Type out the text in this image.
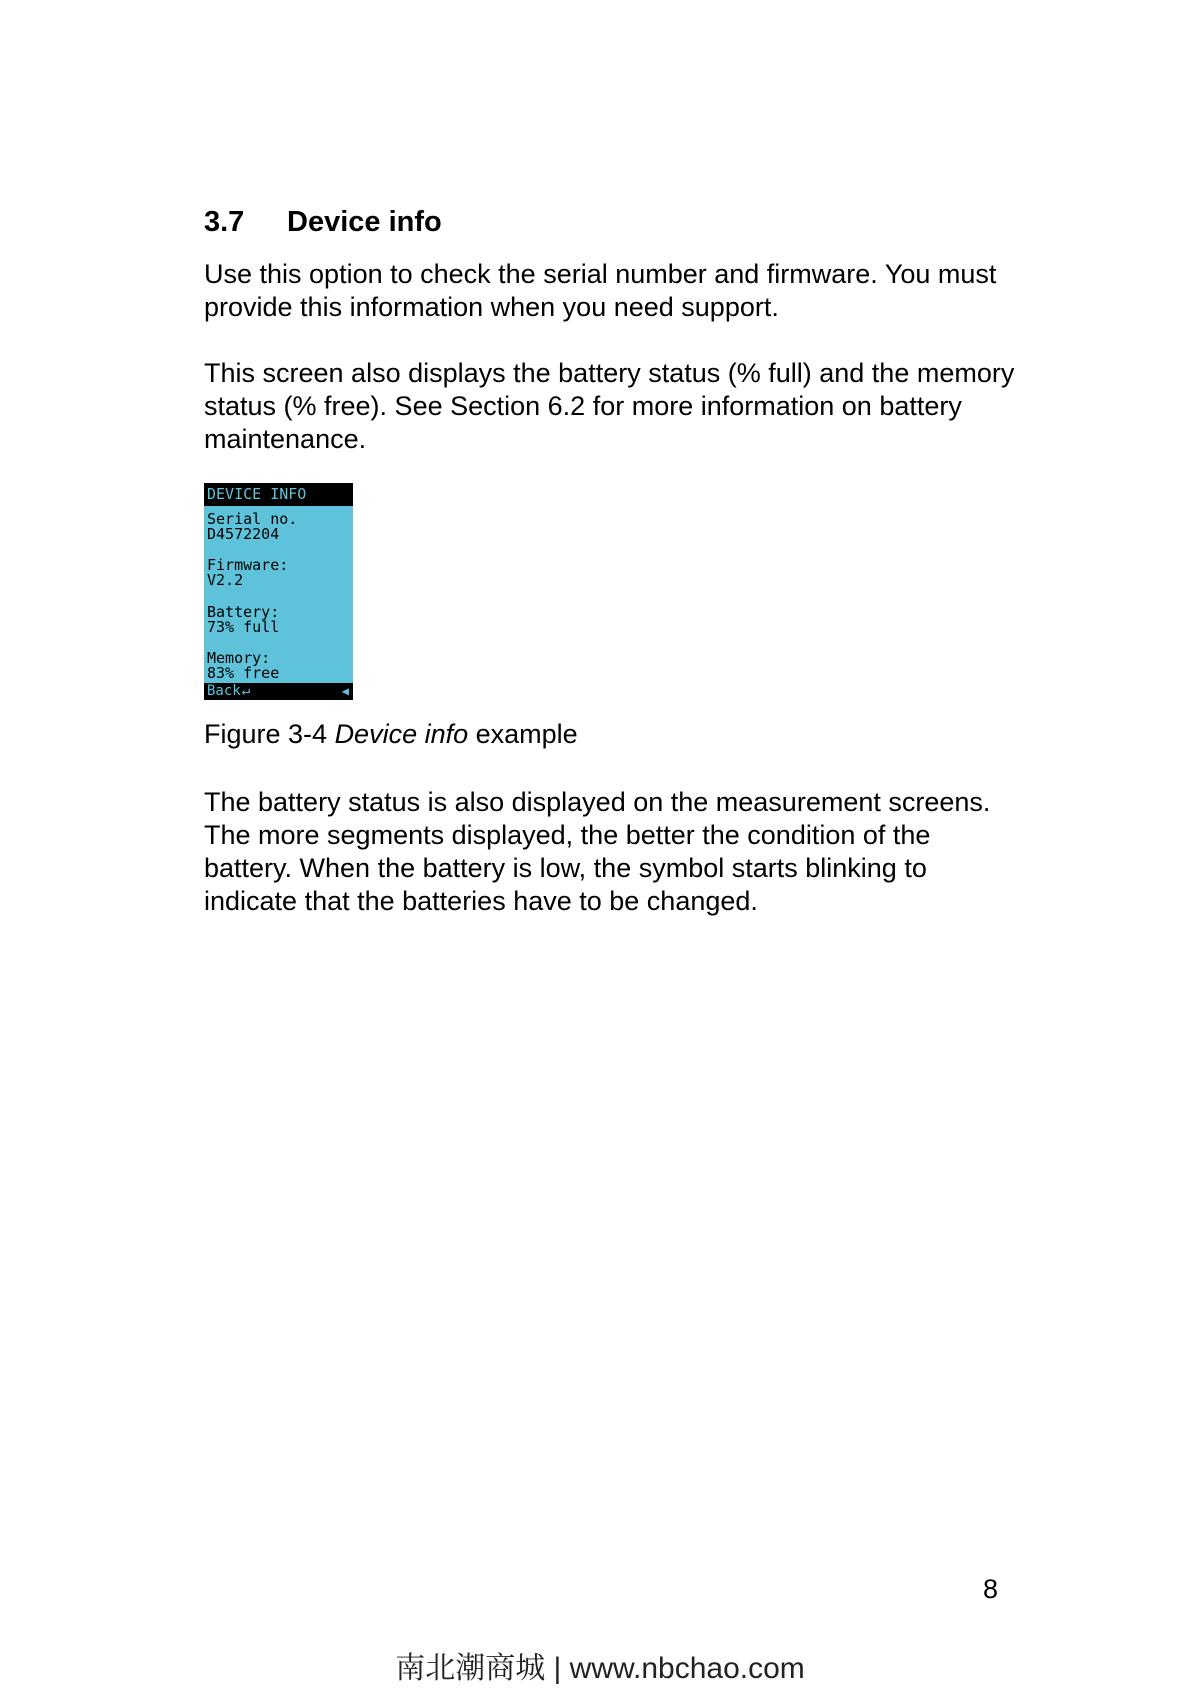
3.7 Device info

Use this option to check the serial number and firmware. You must provide this information when you need support.

This screen also displays the battery status (% full) and the memory status (% free). See Section 6.2 for more information on battery maintenance.

DEVICE INFO
Serial no.
D4572204
Firmware:
V2.2
Battery:
73% full
Memory:
83% free
Back↵	◀
Figure 3-4 Device info example

The battery status is also displayed on the measurement screens. The more segments displayed, the better the condition of the battery. When the battery is low, the symbol starts blinking to indicate that the batteries have to be changed.

8
南北潮商城 | www.nbchao.com
